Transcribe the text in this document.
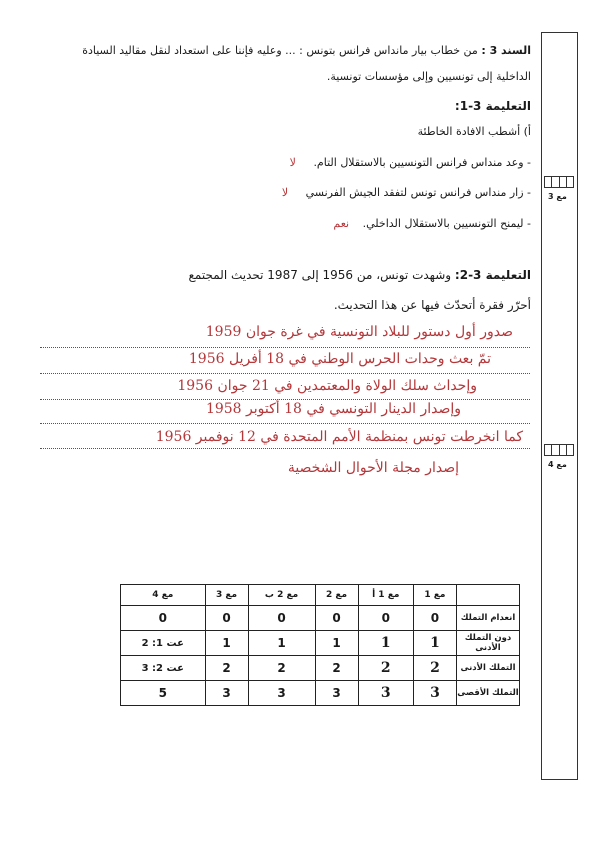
مع 3
مع 4
السند 3 : من خطاب بيار مانداس فرانس بتونس : ... وعليه فإننا على استعداد لنقل مقاليد السيادة
الداخلية إلى تونسيين وإلى مؤسسات تونسية.
التعليمة 3-1:
أ) أشطب الافادة الخاطئة
- وعد منداس فرانس التونسيين بالاستقلال التام. لا
- زار منداس فرانس تونس لتفقد الجيش الفرنسي لا
- ليمنح التونسيين بالاستقلال الداخلي. نعم
التعليمة 3-2: وشهدت تونس، من 1956 إلى 1987 تحديث المجتمع
أحرّر فقرة أتحدّث فيها عن هذا التحديث.
صدور أول دستور للبلاد التونسية في غرة جوان 1959
تمّ بعث وحدات الحرس الوطني في 18 أفريل 1956
وإحداث سلك الولاة والمعتمدين في 21 جوان 1956
وإصدار الدينار التونسي في 18 أكتوبر 1958
كما انخرطت تونس بمنظمة الأمم المتحدة في 12 نوفمبر 1956
إصدار مجلة الأحوال الشخصية
	مع 1	مع 1 أ	مع 2	مع 2 ب	مع 3	مع 4
انعدام التملك	0	0	0	0	0	0
دون التملك الأدنى	1	1	1	1	1	عت 1: 2
التملك الأدنى	2	2	2	2	2	عت 2: 3
التملك الأقصى	3	3	3	3	3	5
